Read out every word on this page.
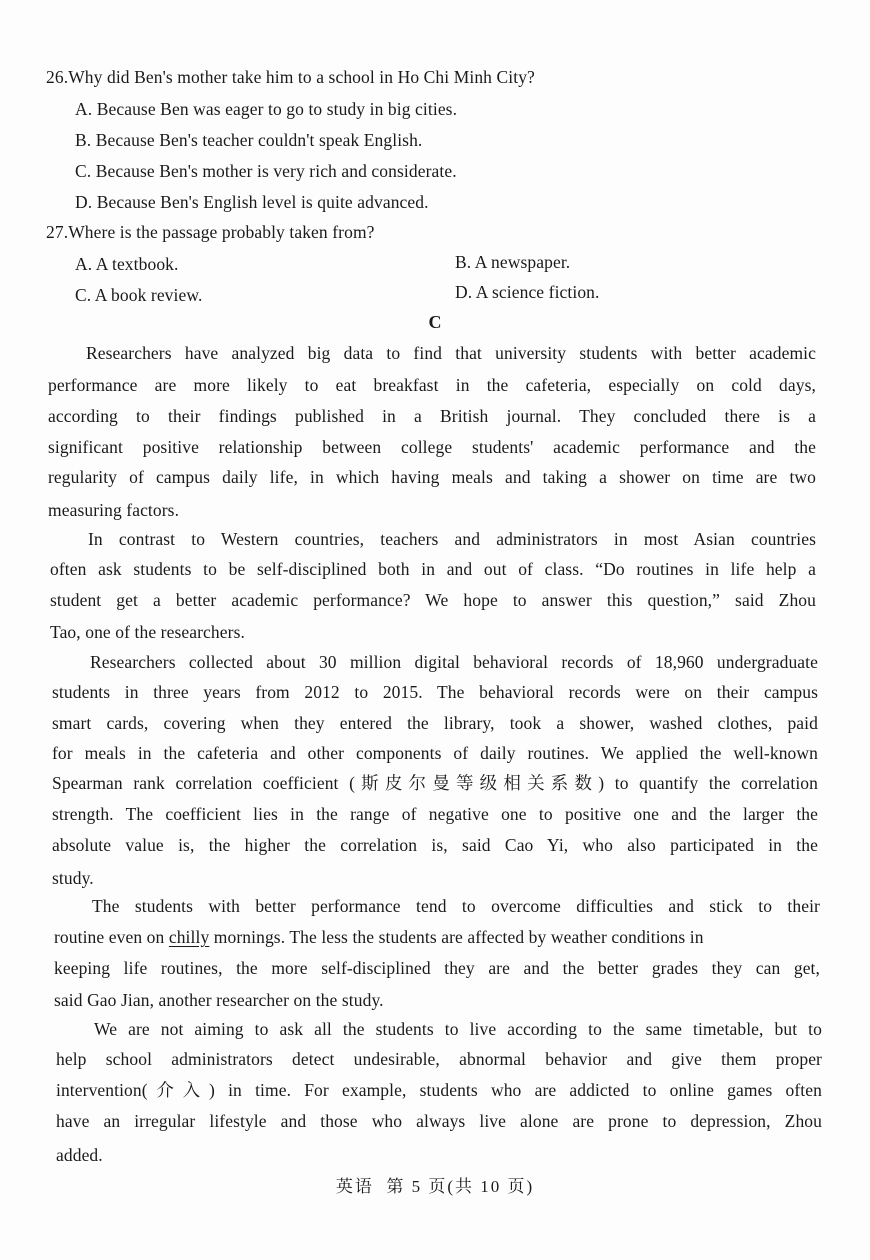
26.Why did Ben's mother take him to a school in Ho Chi Minh City?
A. Because Ben was eager to go to study in big cities.
B. Because Ben's teacher couldn't speak English.
C. Because Ben's mother is very rich and considerate.
D. Because Ben's English level is quite advanced.
27.Where is the passage probably taken from?
A. A textbook.	B. A newspaper.
C. A book review.	D. A science fiction.
C
Researchers have analyzed big data to find that university students with better academic
performance are more likely to eat breakfast in the cafeteria, especially on cold days,
according to their findings published in a British journal. They concluded there is a
significant positive relationship between college students' academic performance and the
regularity of campus daily life, in which having meals and taking a shower on time are two
measuring factors.
In contrast to Western countries, teachers and administrators in most Asian countries
often ask students to be self-disciplined both in and out of class. “Do routines in life help a
student get a better academic performance? We hope to answer this question,” said Zhou
Tao, one of the researchers.
Researchers collected about 30 million digital behavioral records of 18,960 undergraduate
students in three years from 2012 to 2015. The behavioral records were on their campus
smart cards, covering when they entered the library, took a shower, washed clothes, paid
for meals in the cafeteria and other components of daily routines. We applied the well-known
Spearman rank correlation coefficient (斯皮尔曼等级相关系数) to quantify the correlation
strength. The coefficient lies in the range of negative one to positive one and the larger the
absolute value is, the higher the correlation is, said Cao Yi, who also participated in the
study.
The students with better performance tend to overcome difficulties and stick to their
routine even on chilly mornings. The less the students are affected by weather conditions in
keeping life routines, the more self-disciplined they are and the better grades they can get,
said Gao Jian, another researcher on the study.
We are not aiming to ask all the students to live according to the same timetable, but to
help school administrators detect undesirable, abnormal behavior and give them proper
intervention(介入) in time. For example, students who are addicted to online games often
have an irregular lifestyle and those who always live alone are prone to depression, Zhou
added.
英语  第 5 页(共 10 页)
